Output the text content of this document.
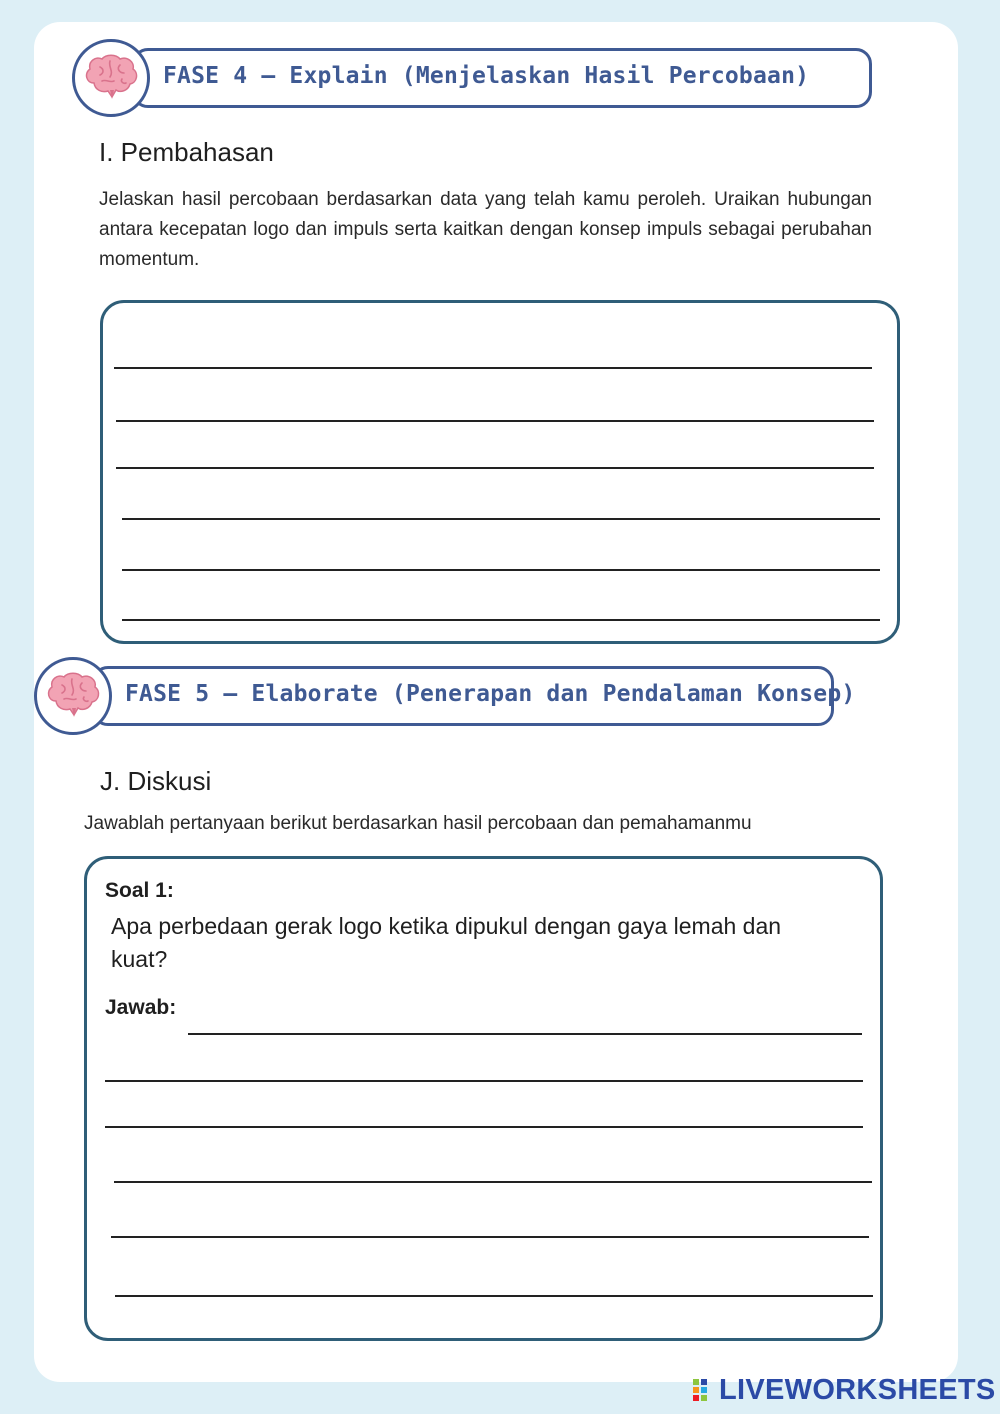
FASE 4 – Explain (Menjelaskan Hasil Percobaan)
I. Pembahasan
Jelaskan hasil percobaan berdasarkan data yang telah kamu peroleh. Uraikan hubungan antara kecepatan logo dan impuls serta kaitkan dengan konsep impuls sebagai perubahan momentum.
FASE 5 – Elaborate (Penerapan dan Pendalaman Konsep)
J. Diskusi
Jawablah pertanyaan berikut berdasarkan hasil percobaan dan pemahamanmu
Soal 1:
Apa perbedaan gerak logo ketika dipukul dengan gaya lemah dan kuat?
Jawab:
LIVEWORKSHEETS
